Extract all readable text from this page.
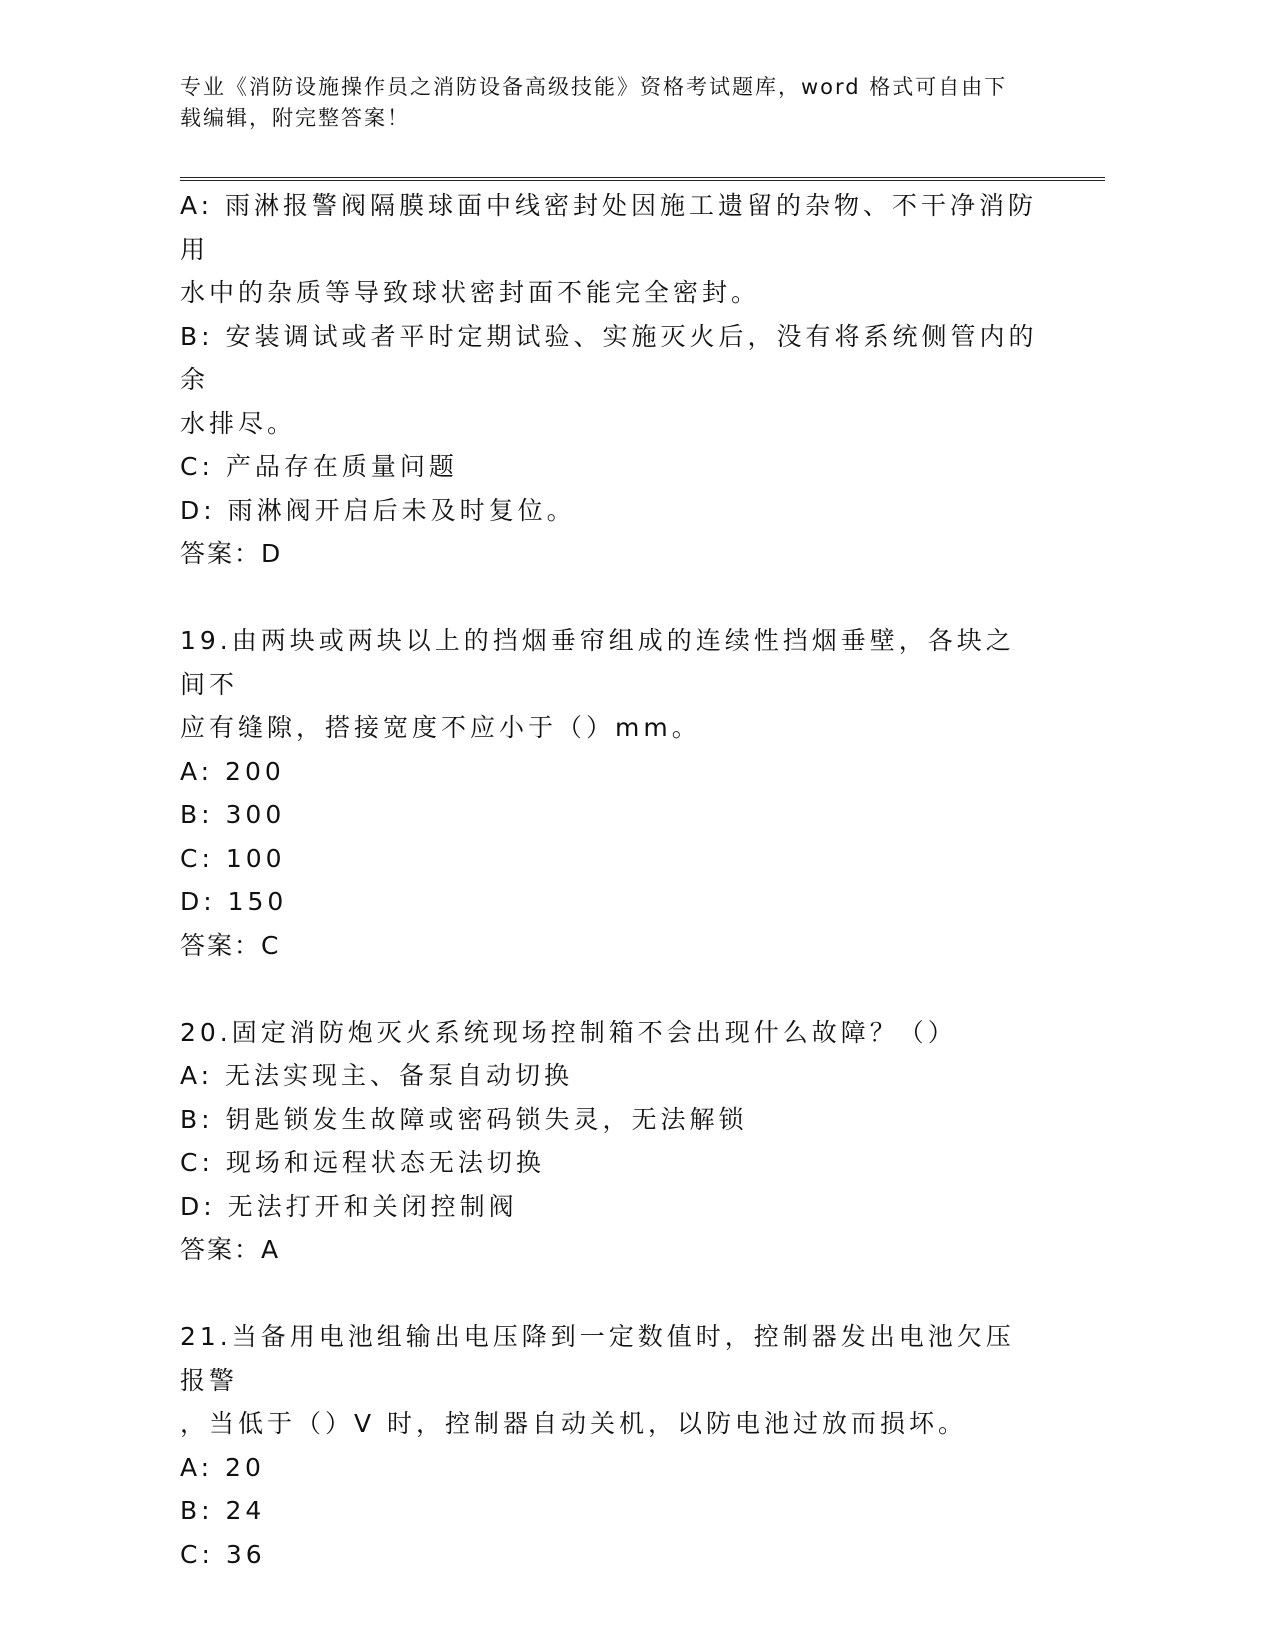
专业《消防设施操作员之消防设备高级技能》资格考试题库，word 格式可自由下
载编辑，附完整答案！
A: 雨淋报警阀隔膜球面中线密封处因施工遗留的杂物、不干净消防用
水中的杂质等导致球状密封面不能完全密封。
B: 安装调试或者平时定期试验、实施灭火后，没有将系统侧管内的余
水排尽。
C: 产品存在质量问题
D: 雨淋阀开启后未及时复位。
答案：D
19.由两块或两块以上的挡烟垂帘组成的连续性挡烟垂壁，各块之间不
应有缝隙，搭接宽度不应小于（）mm。
A: 200
B: 300
C: 100
D: 150
答案：C
20.固定消防炮灭火系统现场控制箱不会出现什么故障？（）
A: 无法实现主、备泵自动切换
B: 钥匙锁发生故障或密码锁失灵，无法解锁
C: 现场和远程状态无法切换
D: 无法打开和关闭控制阀
答案：A
21.当备用电池组输出电压降到一定数值时，控制器发出电池欠压报警
，当低于（）V 时，控制器自动关机，以防电池过放而损坏。
A: 20
B: 24
C: 36
